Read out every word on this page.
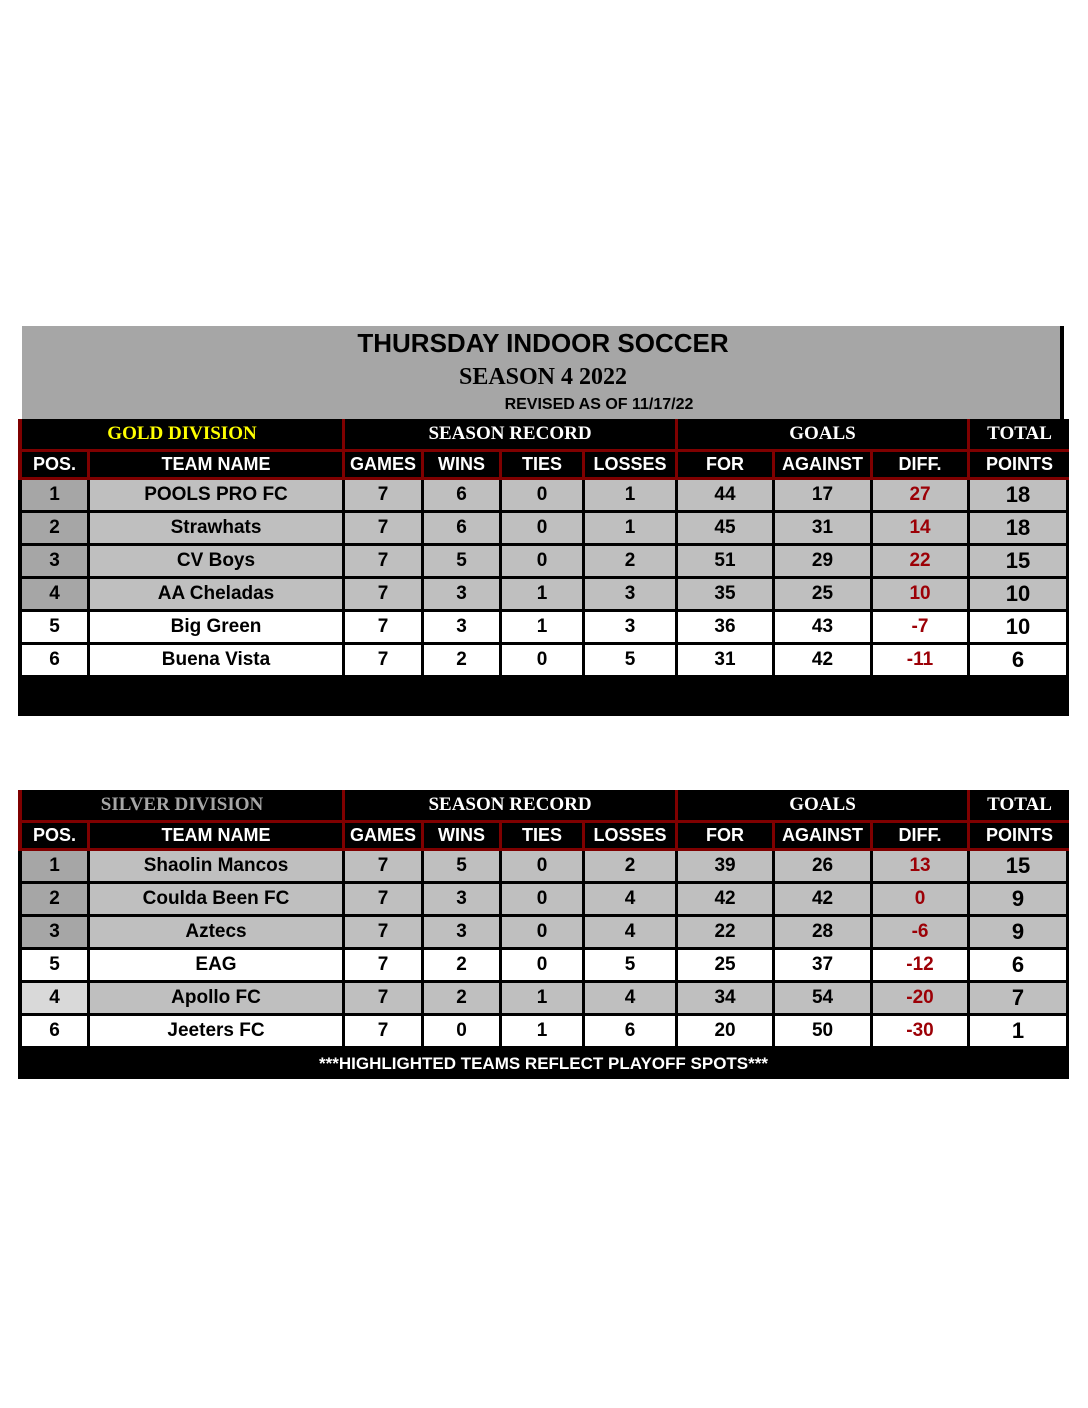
THURSDAY INDOOR SOCCER
SEASON 4 2022
REVISED AS OF 11/17/22
GOLD DIVISION		SEASON RECORD				GOALS			TOTAL
POS.	TEAM NAME	GAMES	WINS	TIES	LOSSES	FOR	AGAINST	DIFF.	POINTS
1	POOLS PRO FC	7	6	0	1	44	17	27	18
2	Strawhats	7	6	0	1	45	31	14	18
3	CV Boys	7	5	0	2	51	29	22	15
4	AA Cheladas	7	3	1	3	35	25	10	10
5	Big Green	7	3	1	3	36	43	-7	10
6	Buena Vista	7	2	0	5	31	42	-11	6

SILVER DIVISION		SEASON RECORD				GOALS			TOTAL
POS.	TEAM NAME	GAMES	WINS	TIES	LOSSES	FOR	AGAINST	DIFF.	POINTS
1	Shaolin Mancos	7	5	0	2	39	26	13	15
2	Coulda Been FC	7	3	0	4	42	42	0	9
3	Aztecs	7	3	0	4	22	28	-6	9
5	EAG	7	2	0	5	25	37	-12	6
4	Apollo FC	7	2	1	4	34	54	-20	7
6	Jeeters FC	7	0	1	6	20	50	-30	1
***HIGHLIGHTED TEAMS REFLECT PLAYOFF SPOTS***									
